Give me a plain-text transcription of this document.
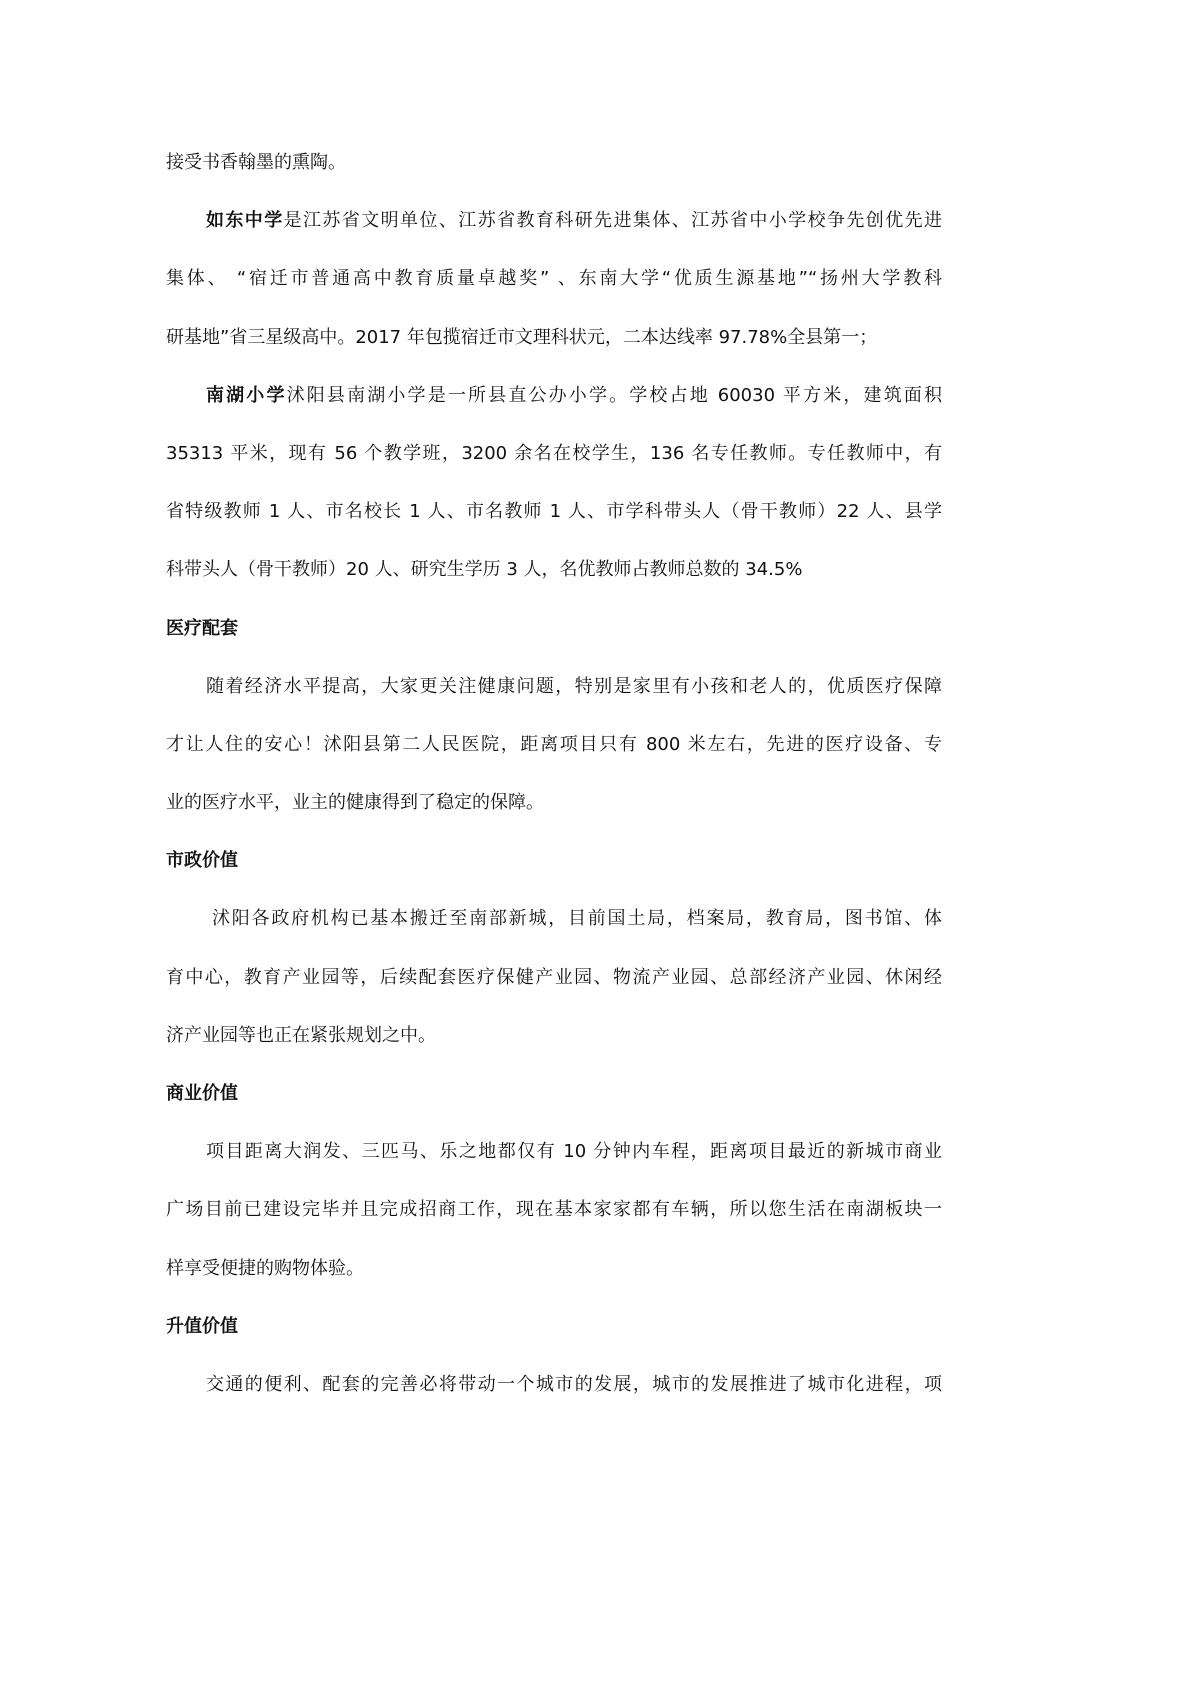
接受书香翰墨的熏陶。
如东中学是江苏省文明单位、江苏省教育科研先进集体、江苏省中小学校争先创优先进
集体、 “宿迁市普通高中教育质量卓越奖” 、东南大学“优质生源基地”“扬州大学教科
研基地”省三星级高中。2017 年包揽宿迁市文理科状元，二本达线率 97.78%全县第一；
南湖小学沭阳县南湖小学是一所县直公办小学。学校占地 60030 平方米，建筑面积
35313 平米，现有 56 个教学班，3200 余名在校学生，136 名专任教师。专任教师中，有
省特级教师 1 人、市名校长 1 人、市名教师 1 人、市学科带头人（骨干教师）22 人、县学
科带头人（骨干教师）20 人、研究生学历 3 人，名优教师占教师总数的 34.5%
医疗配套
随着经济水平提高，大家更关注健康问题，特别是家里有小孩和老人的，优质医疗保障
才让人住的安心！沭阳县第二人民医院，距离项目只有 800 米左右，先进的医疗设备、专
业的医疗水平，业主的健康得到了稳定的保障。
市政价值
沭阳各政府机构已基本搬迁至南部新城，目前国土局，档案局，教育局，图书馆、体
育中心，教育产业园等，后续配套医疗保健产业园、物流产业园、总部经济产业园、休闲经
济产业园等也正在紧张规划之中。
商业价值
项目距离大润发、三匹马、乐之地都仅有 10 分钟内车程，距离项目最近的新城市商业
广场目前已建设完毕并且完成招商工作，现在基本家家都有车辆，所以您生活在南湖板块一
样享受便捷的购物体验。
升值价值
交通的便利、配套的完善必将带动一个城市的发展，城市的发展推进了城市化进程，项
